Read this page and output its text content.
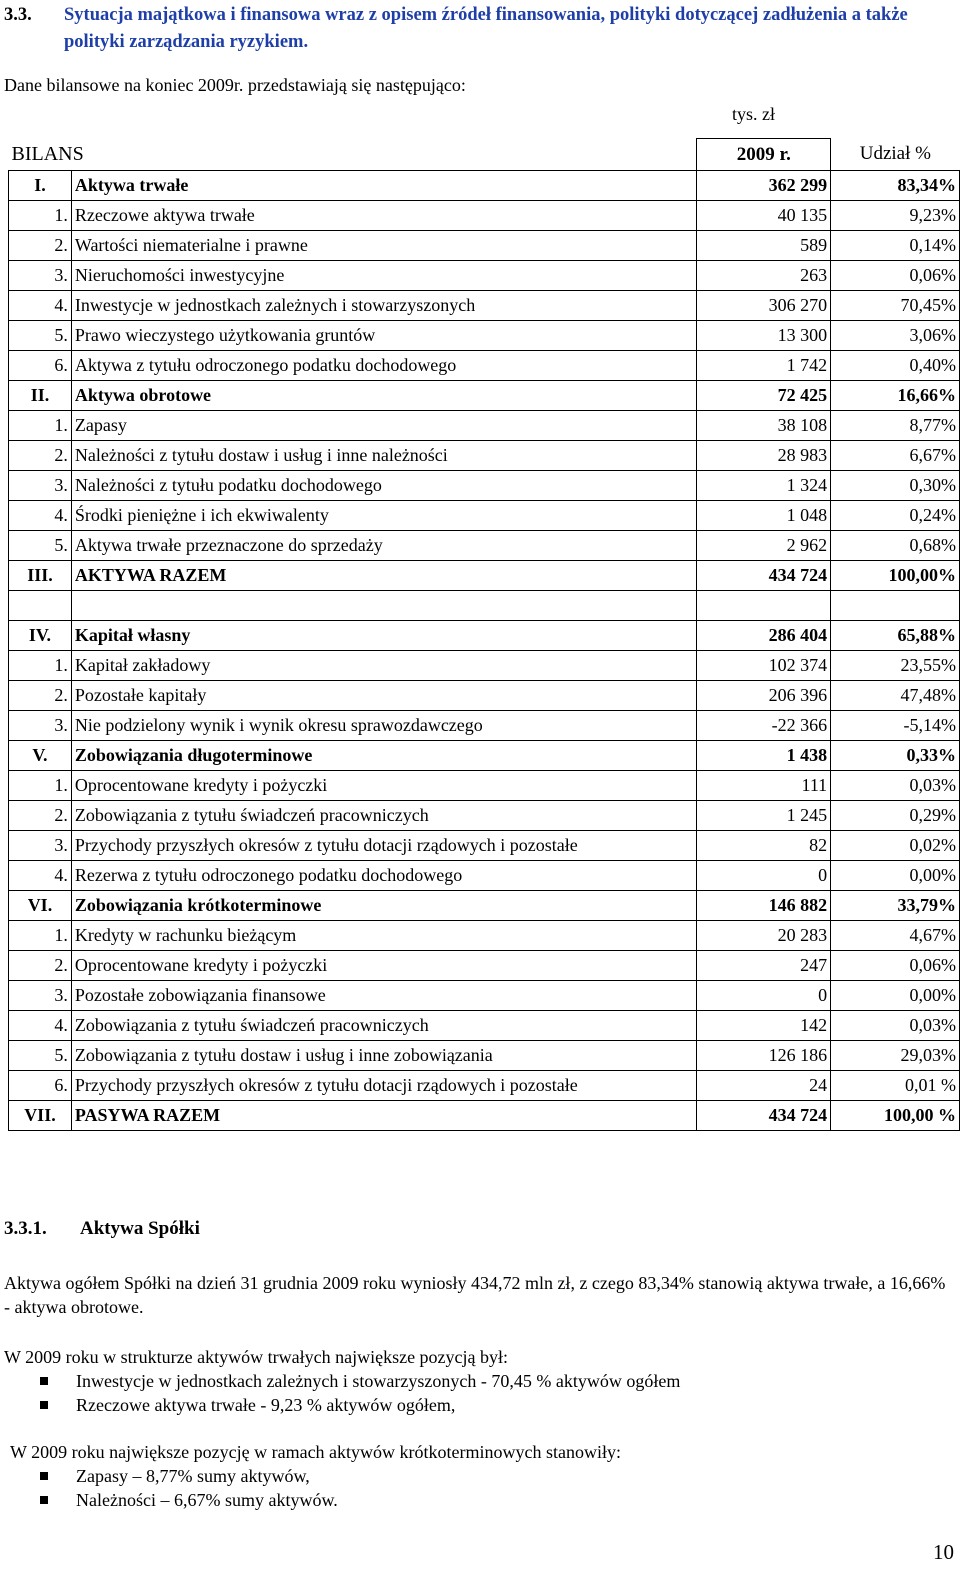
3.3. Sytuacja majątkowa i finansowa wraz z opisem źródeł finansowania, polityki dotyczącej zadłużenia a także polityki zarządzania ryzykiem.
Dane bilansowe na koniec 2009r. przedstawiają się następująco:
tys. zł
BILANS		2009 r.	Udział %
I.	Aktywa trwałe	362 299	83,34%
1.	Rzeczowe aktywa trwałe	40 135	9,23%
2.	Wartości niematerialne i prawne	589	0,14%
3.	Nieruchomości inwestycyjne	263	0,06%
4.	Inwestycje w jednostkach zależnych i stowarzyszonych	306 270	70,45%
5.	Prawo wieczystego użytkowania gruntów	13 300	3,06%
6.	Aktywa z tytułu odroczonego podatku dochodowego	1 742	0,40%
II.	Aktywa obrotowe	72 425	16,66%
1.	Zapasy	38 108	8,77%
2.	Należności z tytułu dostaw i usług i inne należności	28 983	6,67%
3.	Należności z tytułu podatku dochodowego	1 324	0,30%
4.	Środki pieniężne i ich ekwiwalenty	1 048	0,24%
5.	Aktywa trwałe przeznaczone do sprzedaży	2 962	0,68%
III.	AKTYWA RAZEM	434 724	100,00%

IV.	Kapitał własny	286 404	65,88%
1.	Kapitał zakładowy	102 374	23,55%
2.	Pozostałe kapitały	206 396	47,48%
3.	Nie podzielony wynik i wynik okresu sprawozdawczego	-22 366	-5,14%
V.	Zobowiązania długoterminowe	1 438	0,33%
1.	Oprocentowane kredyty i pożyczki	111	0,03%
2.	Zobowiązania z tytułu świadczeń pracowniczych	1 245	0,29%
3.	Przychody przyszłych okresów z tytułu dotacji rządowych i pozostałe	82	0,02%
4.	Rezerwa z tytułu odroczonego podatku dochodowego	0	0,00%
VI.	Zobowiązania krótkoterminowe	146 882	33,79%
1.	Kredyty w rachunku bieżącym	20 283	4,67%
2.	Oprocentowane kredyty i pożyczki	247	0,06%
3.	Pozostałe zobowiązania finansowe	0	0,00%
4.	Zobowiązania z tytułu świadczeń pracowniczych	142	0,03%
5.	Zobowiązania z tytułu dostaw i usług i inne zobowiązania	126 186	29,03%
6.	Przychody przyszłych okresów z tytułu dotacji rządowych i pozostałe	24	0,01 %
VII.	PASYWA RAZEM	434 724	100,00 %
3.3.1. Aktywa Spółki
Aktywa ogółem Spółki na dzień 31 grudnia 2009 roku wyniosły 434,72 mln zł, z czego 83,34% stanowią aktywa trwałe, a 16,66% - aktywa obrotowe.
W 2009 roku w strukturze aktywów trwałych największe pozycją był:
Inwestycje w jednostkach zależnych i stowarzyszonych - 70,45 % aktywów ogółem
Rzeczowe aktywa trwałe - 9,23 % aktywów ogółem,
W 2009 roku największe pozycję w ramach aktywów krótkoterminowych stanowiły:
Zapasy – 8,77% sumy aktywów,
Należności – 6,67% sumy aktywów.
10
